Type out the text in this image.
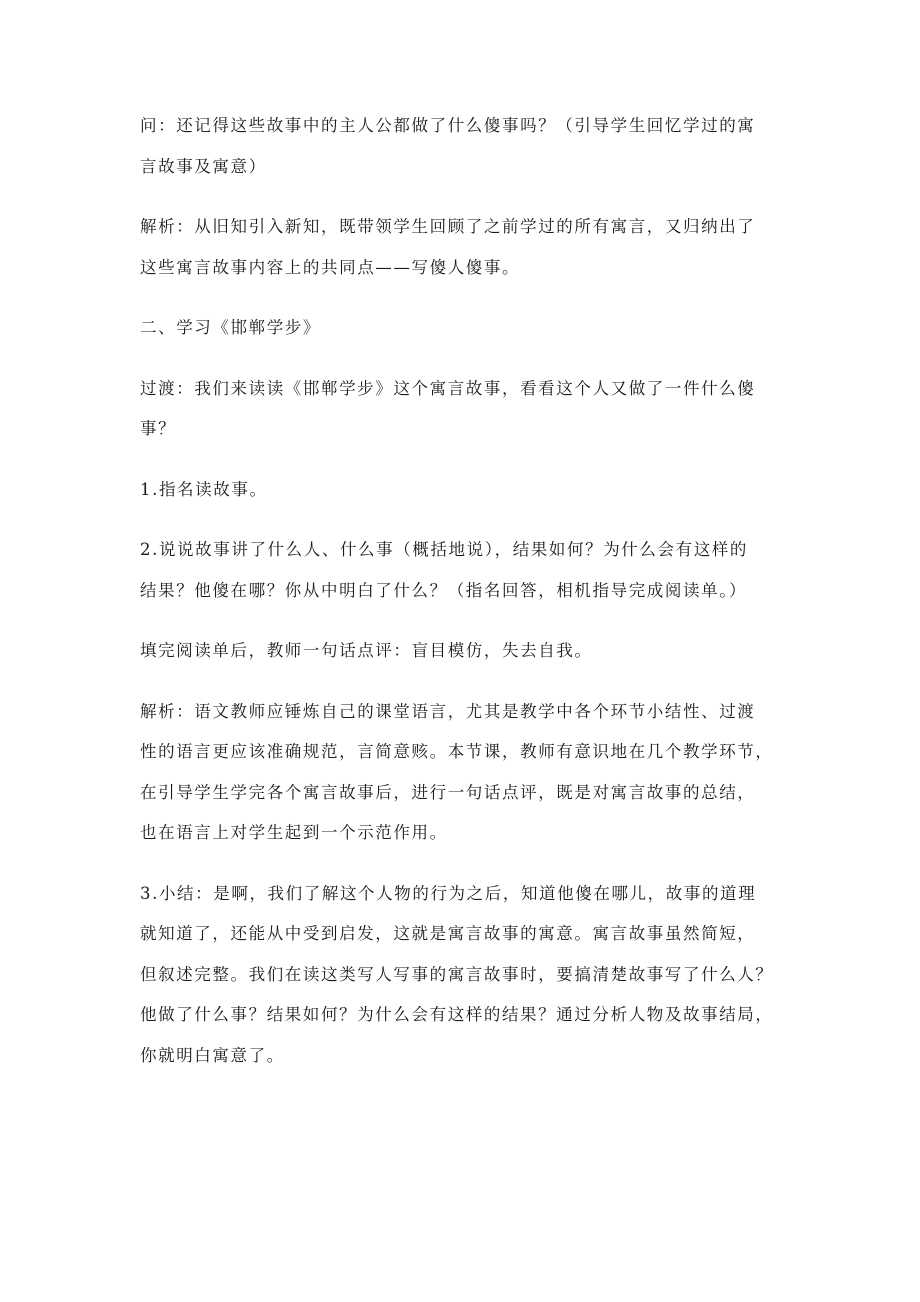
问：还记得这些故事中的主人公都做了什么傻事吗？（引导学生回忆学过的寓
言故事及寓意）
解析：从旧知引入新知，既带领学生回顾了之前学过的所有寓言，又归纳出了
这些寓言故事内容上的共同点——写傻人傻事。
二、学习《邯郸学步》
过渡：我们来读读《邯郸学步》这个寓言故事，看看这个人又做了一件什么傻
事？
1.指名读故事。
2.说说故事讲了什么人、什么事（概括地说），结果如何？为什么会有这样的
结果？他傻在哪？你从中明白了什么？（指名回答，相机指导完成阅读单。）
填完阅读单后，教师一句话点评：盲目模仿，失去自我。
解析：语文教师应锤炼自己的课堂语言，尤其是教学中各个环节小结性、过渡
性的语言更应该准确规范，言简意赅。本节课，教师有意识地在几个教学环节，
在引导学生学完各个寓言故事后，进行一句话点评，既是对寓言故事的总结，
也在语言上对学生起到一个示范作用。
3.小结：是啊，我们了解这个人物的行为之后，知道他傻在哪儿，故事的道理
就知道了，还能从中受到启发，这就是寓言故事的寓意。寓言故事虽然简短，
但叙述完整。我们在读这类写人写事的寓言故事时，要搞清楚故事写了什么人？
他做了什么事？结果如何？为什么会有这样的结果？通过分析人物及故事结局，
你就明白寓意了。
